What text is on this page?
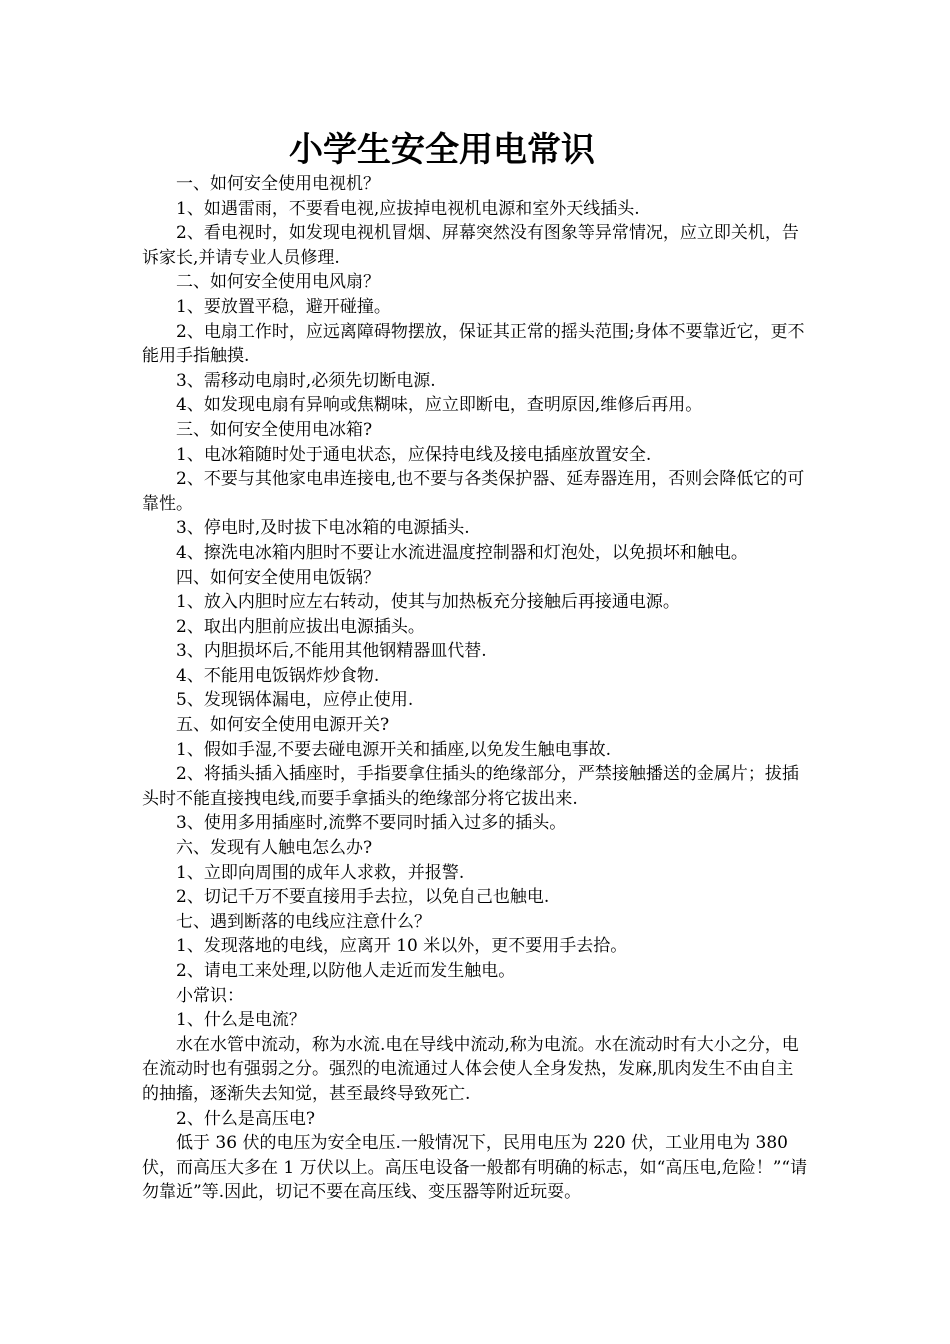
小学生安全用电常识

一、如何安全使用电视机？

1、如遇雷雨，不要看电视,应拔掉电视机电源和室外天线插头.

2、看电视时，如发现电视机冒烟、屏幕突然没有图象等异常情况，应立即关机，告诉家长,并请专业人员修理.

二、如何安全使用电风扇？

1、要放置平稳，避开碰撞。

2、电扇工作时，应远离障碍物摆放，保证其正常的摇头范围;身体不要靠近它，更不能用手指触摸.

3、需移动电扇时,必须先切断电源.

4、如发现电扇有异响或焦糊味，应立即断电，查明原因,维修后再用。

三、如何安全使用电冰箱?

1、电冰箱随时处于通电状态，应保持电线及接电插座放置安全.

2、不要与其他家电串连接电,也不要与各类保护器、延寿器连用，否则会降低它的可靠性。

3、停电时,及时拔下电冰箱的电源插头.

4、擦洗电冰箱内胆时不要让水流进温度控制器和灯泡处，以免损坏和触电。

四、如何安全使用电饭锅？

1、放入内胆时应左右转动，使其与加热板充分接触后再接通电源。

2、取出内胆前应拔出电源插头。

3、内胆损坏后,不能用其他钢精器皿代替.

4、不能用电饭锅炸炒食物.

5、发现锅体漏电，应停止使用.

五、如何安全使用电源开关?

1、假如手湿,不要去碰电源开关和插座,以免发生触电事故.

2、将插头插入插座时，手指要拿住插头的绝缘部分，严禁接触播送的金属片；拔插头时不能直接拽电线,而要手拿插头的绝缘部分将它拔出来.

3、使用多用插座时,流弊不要同时插入过多的插头。

六、发现有人触电怎么办?

1、立即向周围的成年人求救，并报警.

2、切记千万不要直接用手去拉，以免自己也触电.

七、遇到断落的电线应注意什么？

1、发现落地的电线，应离开 10 米以外，更不要用手去拾。

2、请电工来处理,以防他人走近而发生触电。

小常识：

1、什么是电流？

水在水管中流动，称为水流.电在导线中流动,称为电流。水在流动时有大小之分，电在流动时也有强弱之分。强烈的电流通过人体会使人全身发热，发麻,肌肉发生不由自主的抽搐，逐渐失去知觉，甚至最终导致死亡.

2、什么是高压电?

低于 36 伏的电压为安全电压.一般情况下，民用电压为 220 伏，工业用电为 380 伏，而高压大多在 1 万伏以上。高压电设备一般都有明确的标志，如“高压电,危险！”“请勿靠近”等.因此，切记不要在高压线、变压器等附近玩耍。
